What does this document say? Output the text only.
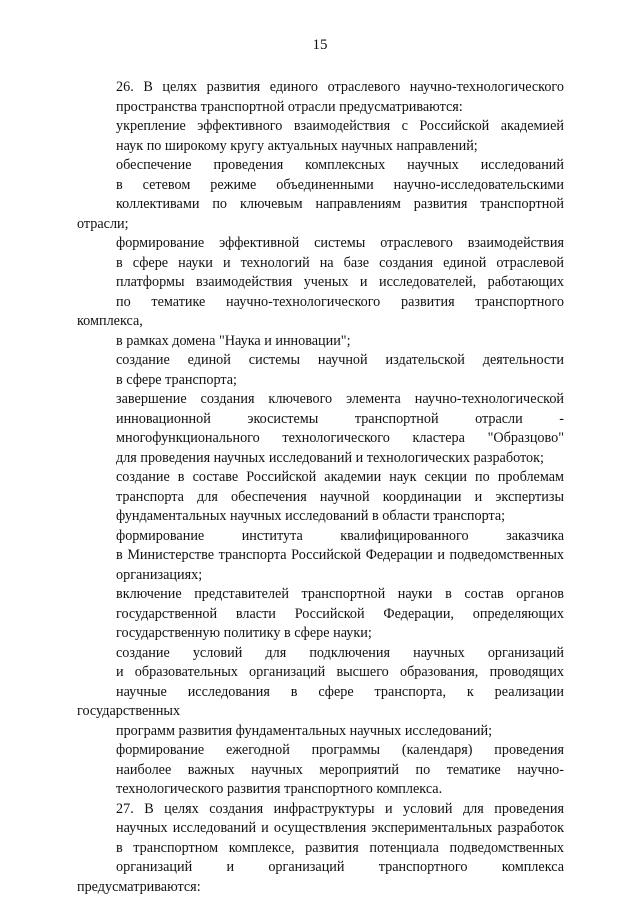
15

26. В целях развития единого отраслевого научно-технологического
пространства транспортной отрасли предусматриваются:

укрепление эффективного взаимодействия с Российской академией
наук по широкому кругу актуальных научных направлений;

обеспечение проведения комплексных научных исследований
в сетевом режиме объединенными научно-исследовательскими
коллективами по ключевым направлениям развития транспортной отрасли;

формирование эффективной системы отраслевого взаимодействия
в сфере науки и технологий на базе создания единой отраслевой
платформы взаимодействия ученых и исследователей, работающих
по тематике научно-технологического развития транспортного комплекса,
в рамках домена "Наука и инновации";

создание единой системы научной издательской деятельности
в сфере транспорта;

завершение создания ключевого элемента научно-технологической
инновационной экосистемы транспортной отрасли -
многофункционального технологического кластера "Образцово"
для проведения научных исследований и технологических разработок;

создание в составе Российской академии наук секции по проблемам
транспорта для обеспечения научной координации и экспертизы
фундаментальных научных исследований в области транспорта;

формирование института квалифицированного заказчика
в Министерстве транспорта Российской Федерации и подведомственных
организациях;

включение представителей транспортной науки в состав органов
государственной власти Российской Федерации, определяющих
государственную политику в сфере науки;

создание условий для подключения научных организаций
и образовательных организаций высшего образования, проводящих
научные исследования в сфере транспорта, к реализации государственных
программ развития фундаментальных научных исследований;

формирование ежегодной программы (календаря) проведения
наиболее важных научных мероприятий по тематике научно-
технологического развития транспортного комплекса.

27. В целях создания инфраструктуры и условий для проведения
научных исследований и осуществления экспериментальных разработок
в транспортном комплексе, развития потенциала подведомственных
организаций и организаций транспортного комплекса предусматриваются:
